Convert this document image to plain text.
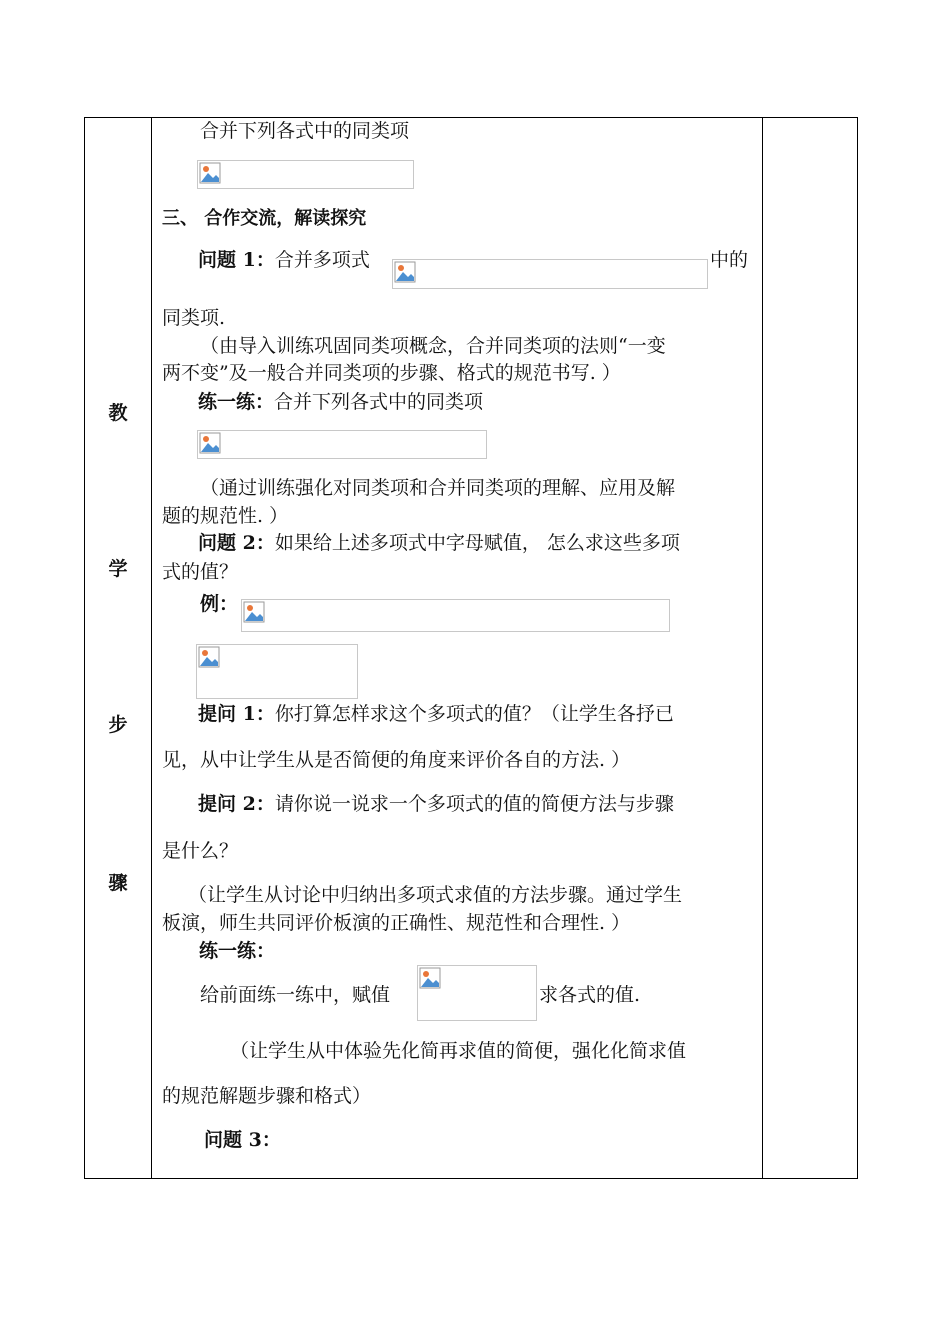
教
学
步
骤
合并下列各式中的同类项
三、 合作交流，解读探究
问题 1：合并多项式	中的
同类项.
（由导入训练巩固同类项概念，合并同类项的法则“一变
两不变”及一般合并同类项的步骤、格式的规范书写. ）
练一练：合并下列各式中的同类项
（通过训练强化对同类项和合并同类项的理解、应用及解
题的规范性. ）
问题 2：如果给上述多项式中字母赋值， 怎么求这些多项
式的值？
例：
提问 1：你打算怎样求这个多项式的值？（让学生各抒已
见，从中让学生从是否简便的角度来评价各自的方法. ）
提问 2：请你说一说求一个多项式的值的简便方法与步骤
是什么？
（让学生从讨论中归纳出多项式求值的方法步骤。通过学生
板演，师生共同评价板演的正确性、规范性和合理性. ）
练一练：
给前面练一练中，赋值	求各式的值.
（让学生从中体验先化简再求值的简便，强化化简求值
的规范解题步骤和格式）
问题 3：
